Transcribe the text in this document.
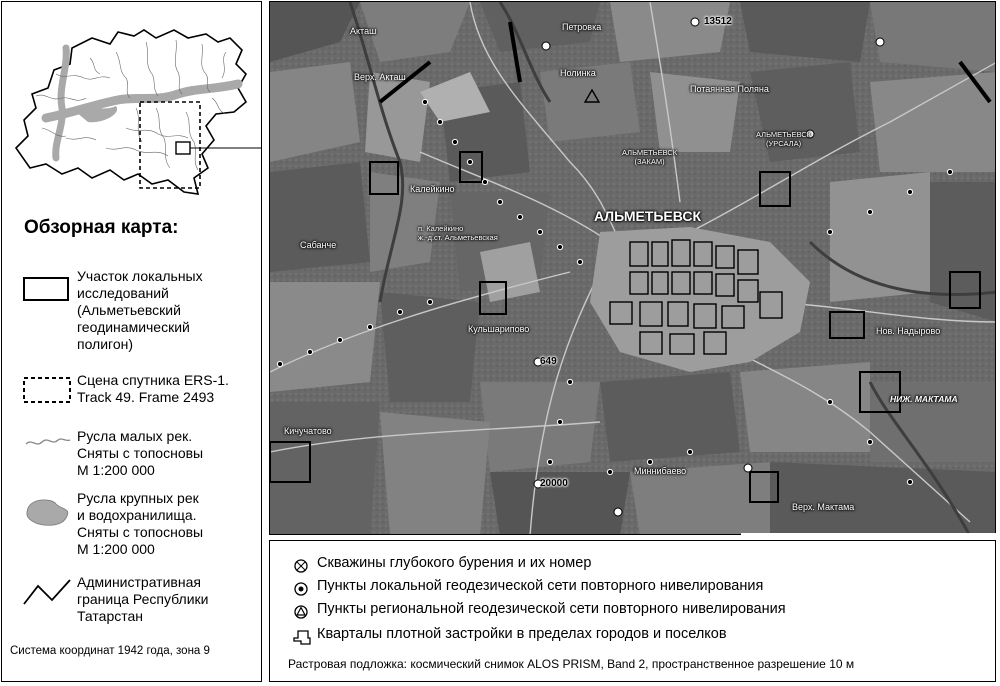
Обзорная карта:
Участок локальных
исследований
(Альметьевский
геодинамический
полигон)
Сцена спутника ERS-1.
Track 49. Frame 2493
Русла малых рек.
Сняты с топосновы
М 1:200 000
Русла крупных рек
и водохранилища.
Сняты с топосновы
М 1:200 000
Административная
граница Республики
Татарстан
Система координат 1942 года, зона 9
Акташ	Петровка
Верх. Акташ	Нолинка
Потаянная Поляна
Калейкино
Сабанче
Кульшарипово
Кичучатово
Миннибаево
Нов. Надырово
Верх. Мактама
п. Калейкино
ж.-д.ст. Альметьевская
АЛЬМЕТЬЕВСК
(ЗАКАМ)
АЛЬМЕТЬЕВСК
(УРСАЛА)
НИЖ. МАКТАМА
АЛЬМЕТЬЕВСК
13512
649
20000
Скважины глубокого бурения и их номер
Пункты локальной геодезической сети повторного нивелирования
Пункты региональной геодезической сети повторного нивелирования
Кварталы плотной застройки в пределах городов и поселков
Растровая подложка: космический снимок ALOS PRISM, Band 2, пространственное разрешение 10 м
